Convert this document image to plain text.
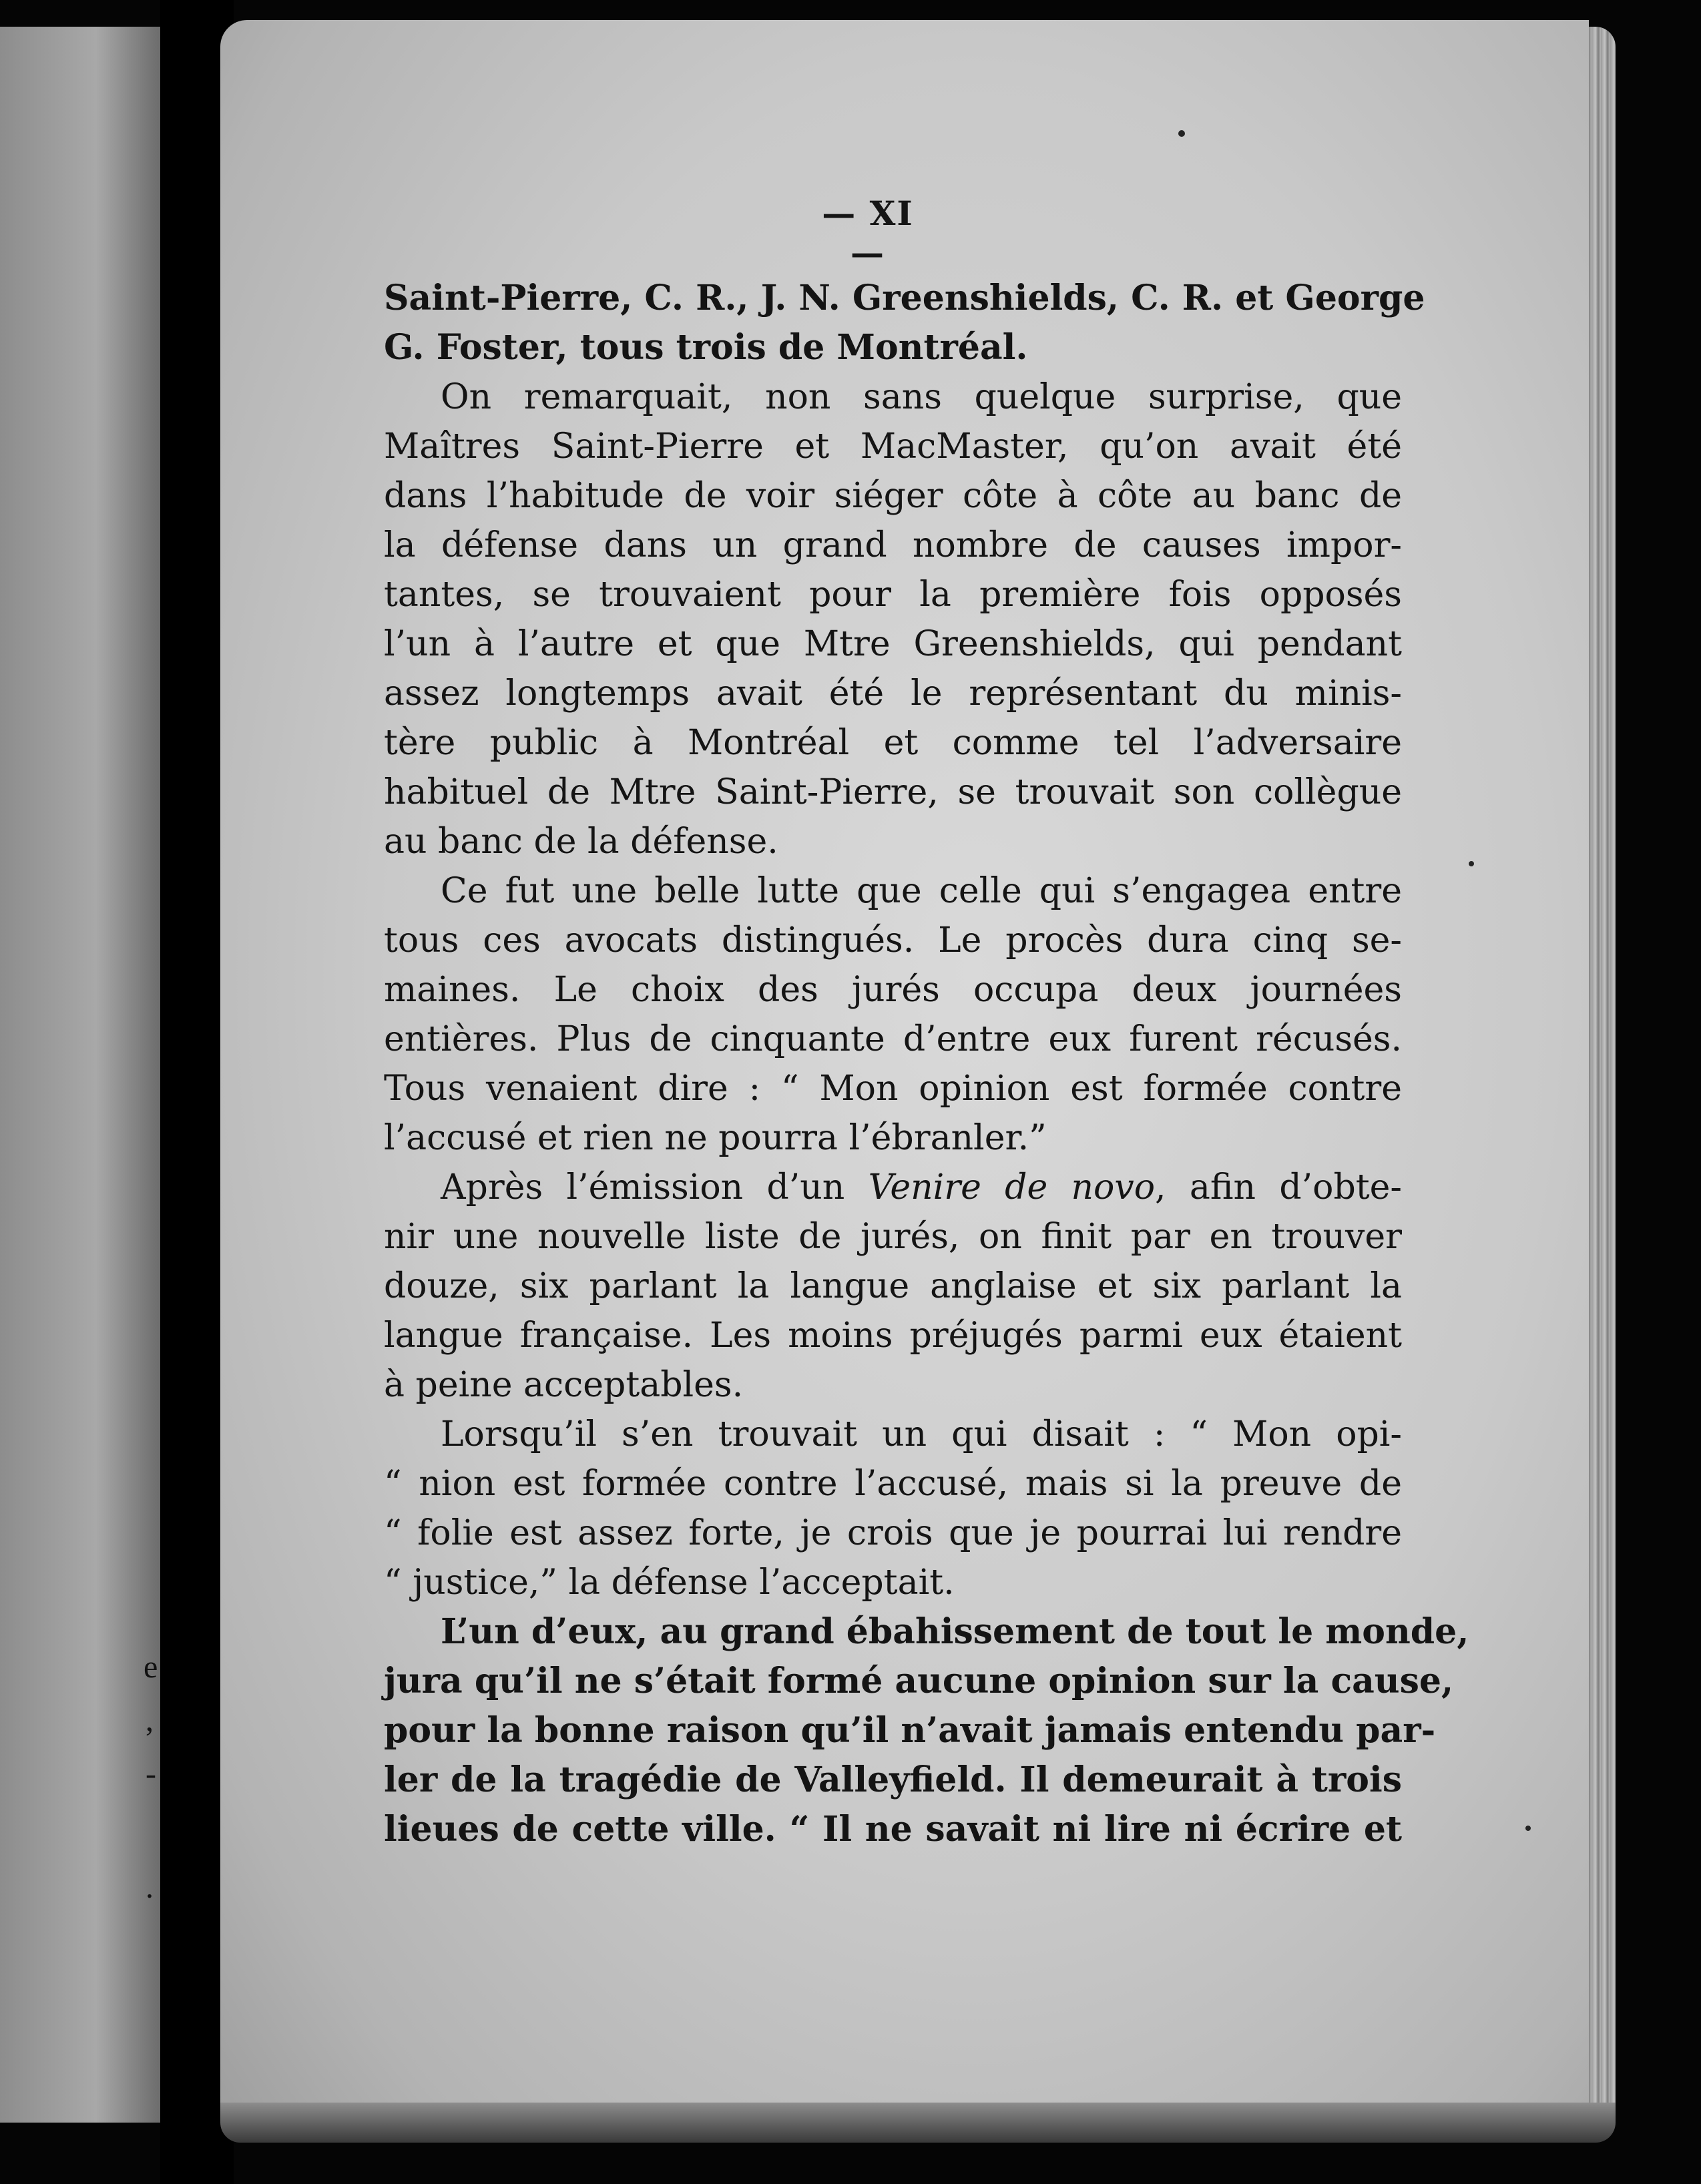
e
,
-
.
— XI —
Saint-Pierre, C. R., J. N. Greenshields, C. R. et George
G. Foster, tous trois de Montréal.
On remarquait, non sans quelque surprise, que
Maîtres Saint-Pierre et MacMaster, qu’on avait été
dans l’habitude de voir siéger côte à côte au banc de
la défense dans un grand nombre de causes impor-
tantes, se trouvaient pour la première fois opposés
l’un à l’autre et que Mtre Greenshields, qui pendant
assez longtemps avait été le représentant du minis-
tère public à Montréal et comme tel l’adversaire
habituel de Mtre Saint-Pierre, se trouvait son collègue
au banc de la défense.
Ce fut une belle lutte que celle qui s’engagea entre
tous ces avocats distingués. Le procès dura cinq se-
maines. Le choix des jurés occupa deux journées
entières. Plus de cinquante d’entre eux furent récusés.
Tous venaient dire : “ Mon opinion est formée contre
l’accusé et rien ne pourra l’ébranler.”
Après l’émission d’un Venire de novo, afin d’obte-
nir une nouvelle liste de jurés, on finit par en trouver
douze, six parlant la langue anglaise et six parlant la
langue française. Les moins préjugés parmi eux étaient
à peine acceptables.
Lorsqu’il s’en trouvait un qui disait : “ Mon opi-
“ nion est formée contre l’accusé, mais si la preuve de
“ folie est assez forte, je crois que je pourrai lui rendre
“ justice,” la défense l’acceptait.
L’un d’eux, au grand ébahissement de tout le monde,
jura qu’il ne s’était formé aucune opinion sur la cause,
pour la bonne raison qu’il n’avait jamais entendu par-
ler de la tragédie de Valleyfield. Il demeurait à trois
lieues de cette ville. “ Il ne savait ni lire ni écrire et
